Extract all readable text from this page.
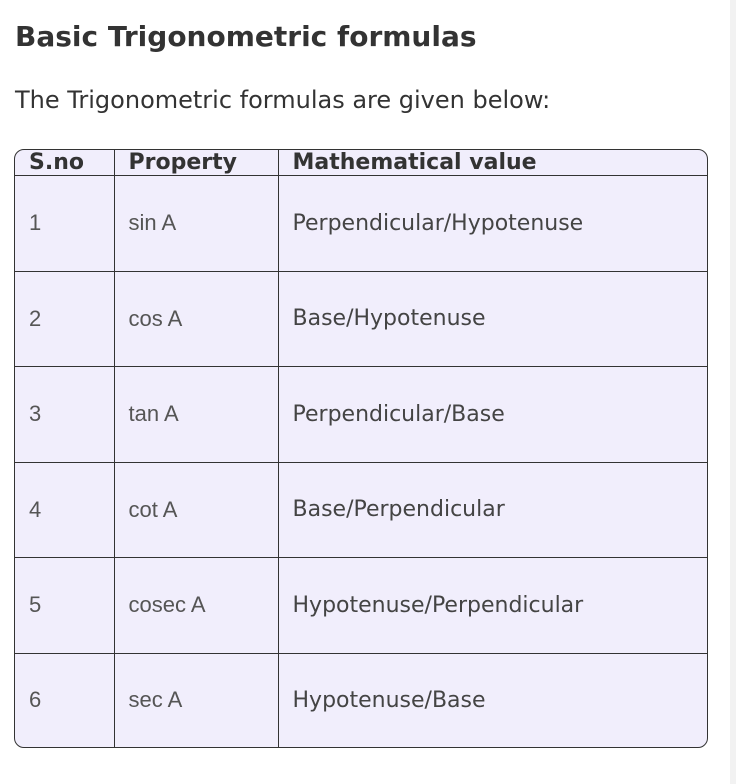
Basic Trigonometric formulas

The Trigonometric formulas are given below:

S.no	Property	Mathematical value
1	sin A	Perpendicular/Hypotenuse
2	cos A	Base/Hypotenuse
3	tan A	Perpendicular/Base
4	cot A	Base/Perpendicular
5	cosec A	Hypotenuse/Perpendicular
6	sec A	Hypotenuse/Base
